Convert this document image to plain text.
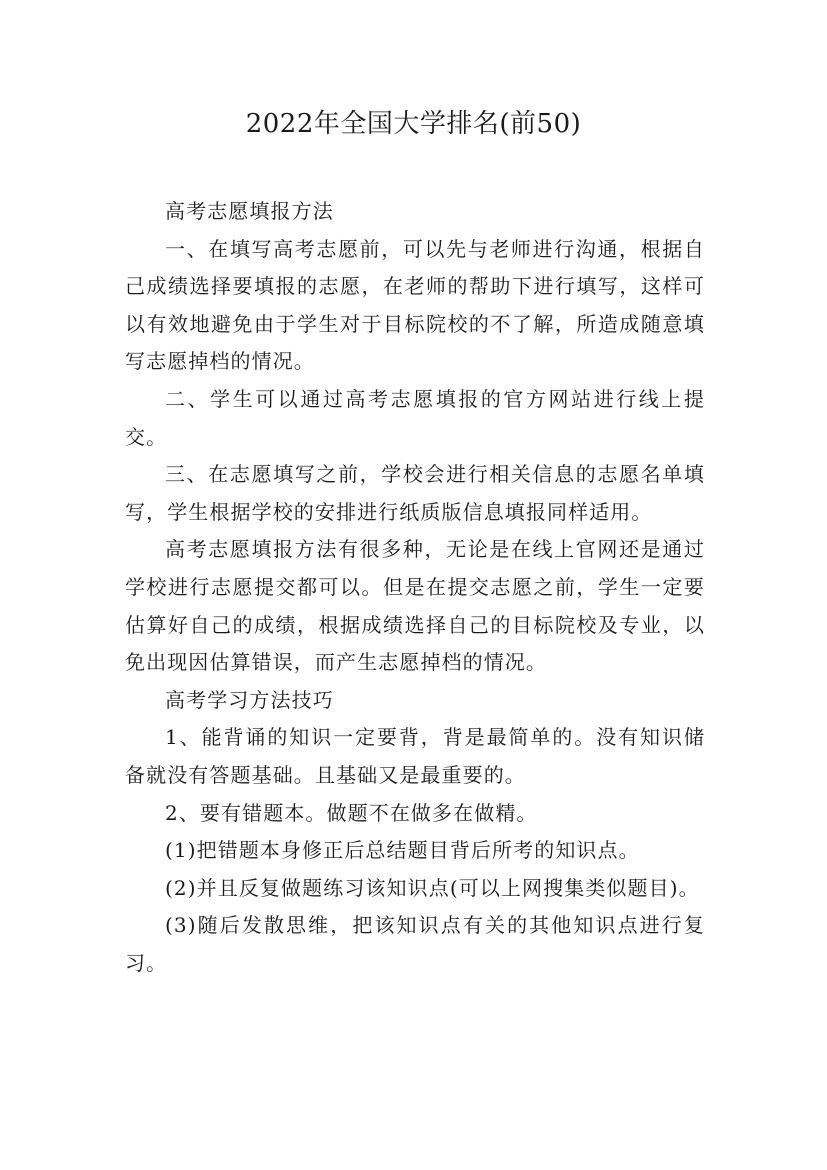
2022年全国大学排名(前50)

高考志愿填报方法

一、在填写高考志愿前，可以先与老师进行沟通，根据自己成绩选择要填报的志愿，在老师的帮助下进行填写，这样可以有效地避免由于学生对于目标院校的不了解，所造成随意填写志愿掉档的情况。

二、学生可以通过高考志愿填报的官方网站进行线上提交。

三、在志愿填写之前，学校会进行相关信息的志愿名单填写，学生根据学校的安排进行纸质版信息填报同样适用。

高考志愿填报方法有很多种，无论是在线上官网还是通过学校进行志愿提交都可以。但是在提交志愿之前，学生一定要估算好自己的成绩，根据成绩选择自己的目标院校及专业，以免出现因估算错误，而产生志愿掉档的情况。

高考学习方法技巧

1、能背诵的知识一定要背，背是最简单的。没有知识储备就没有答题基础。且基础又是最重要的。

2、要有错题本。做题不在做多在做精。

(1)把错题本身修正后总结题目背后所考的知识点。

(2)并且反复做题练习该知识点(可以上网搜集类似题目)。

(3)随后发散思维，把该知识点有关的其他知识点进行复习。
